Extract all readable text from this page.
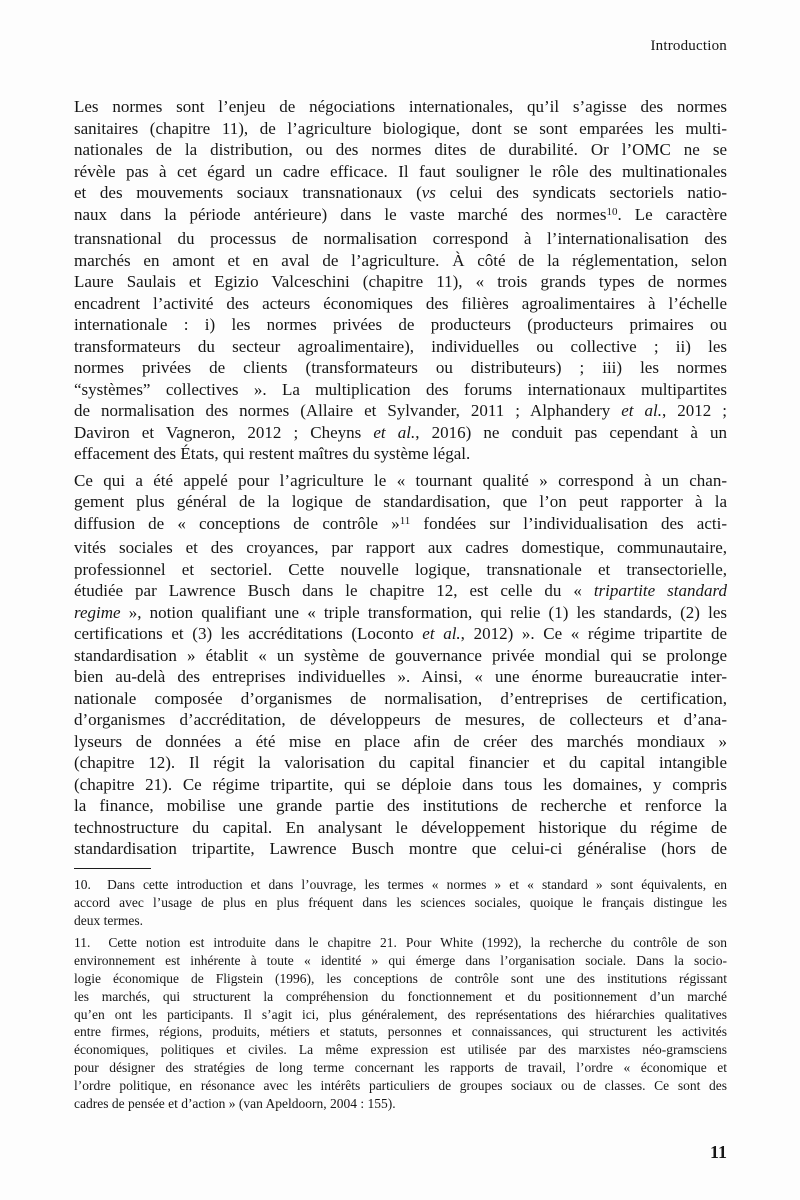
Introduction
Les normes sont l’enjeu de négociations internationales, qu’il s’agisse des normes
sanitaires (chapitre 11), de l’agriculture biologique, dont se sont emparées les multi-
nationales de la distribution, ou des normes dites de durabilité. Or l’OMC ne se
révèle pas à cet égard un cadre efficace. Il faut souligner le rôle des multinationales
et des mouvements sociaux transnationaux (vs celui des syndicats sectoriels natio-
naux dans la période antérieure) dans le vaste marché des normes$^{10}$. Le caractère
transnational du processus de normalisation correspond à l’internationalisation des
marchés en amont et en aval de l’agriculture. À côté de la réglementation, selon
Laure Saulais et Egizio Valceschini (chapitre 11), « trois grands types de normes
encadrent l’activité des acteurs économiques des filières agroalimentaires à l’échelle
internationale : i) les normes privées de producteurs (producteurs primaires ou
transformateurs du secteur agroalimentaire), individuelles ou collective ; ii) les
normes privées de clients (transformateurs ou distributeurs) ; iii) les normes
“systèmes” collectives ». La multiplication des forums internationaux multipartites
de normalisation des normes (Allaire et Sylvander, 2011 ; Alphandery et al., 2012 ;
Daviron et Vagneron, 2012 ; Cheyns et al., 2016) ne conduit pas cependant à un
effacement des États, qui restent maîtres du système légal.
Ce qui a été appelé pour l’agriculture le « tournant qualité » correspond à un chan-
gement plus général de la logique de standardisation, que l’on peut rapporter à la
diffusion de « conceptions de contrôle »$^{11}$ fondées sur l’individualisation des acti-
vités sociales et des croyances, par rapport aux cadres domestique, communautaire,
professionnel et sectoriel. Cette nouvelle logique, transnationale et transectorielle,
étudiée par Lawrence Busch dans le chapitre 12, est celle du « tripartite standard
regime », notion qualifiant une « triple transformation, qui relie (1) les standards, (2) les
certifications et (3) les accréditations (Loconto et al., 2012) ». Ce « régime tripartite de
standardisation » établit « un système de gouvernance privée mondial qui se prolonge
bien au-delà des entreprises individuelles ». Ainsi, « une énorme bureaucratie inter-
nationale composée d’organismes de normalisation, d’entreprises de certification,
d’organismes d’accréditation, de développeurs de mesures, de collecteurs et d’ana-
lyseurs de données a été mise en place afin de créer des marchés mondiaux »
(chapitre 12). Il régit la valorisation du capital financier et du capital intangible
(chapitre 21). Ce régime tripartite, qui se déploie dans tous les domaines, y compris
la finance, mobilise une grande partie des institutions de recherche et renforce la
technostructure du capital. En analysant le développement historique du régime de
standardisation tripartite, Lawrence Busch montre que celui-ci généralise (hors de
10.  Dans cette introduction et dans l’ouvrage, les termes « normes » et « standard » sont équivalents, en
accord avec l’usage de plus en plus fréquent dans les sciences sociales, quoique le français distingue les
deux termes.
11.  Cette notion est introduite dans le chapitre 21. Pour White (1992), la recherche du contrôle de son
environnement est inhérente à toute « identité » qui émerge dans l’organisation sociale. Dans la socio-
logie économique de Fligstein (1996), les conceptions de contrôle sont une des institutions régissant
les marchés, qui structurent la compréhension du fonctionnement et du positionnement d’un marché
qu’en ont les participants. Il s’agit ici, plus généralement, des représentations des hiérarchies qualitatives
entre firmes, régions, produits, métiers et statuts, personnes et connaissances, qui structurent les activités
économiques, politiques et civiles. La même expression est utilisée par des marxistes néo-gramsciens
pour désigner des stratégies de long terme concernant les rapports de travail, l’ordre « économique et
l’ordre politique, en résonance avec les intérêts particuliers de groupes sociaux ou de classes. Ce sont des
cadres de pensée et d’action » (van Apeldoorn, 2004 : 155).
11
